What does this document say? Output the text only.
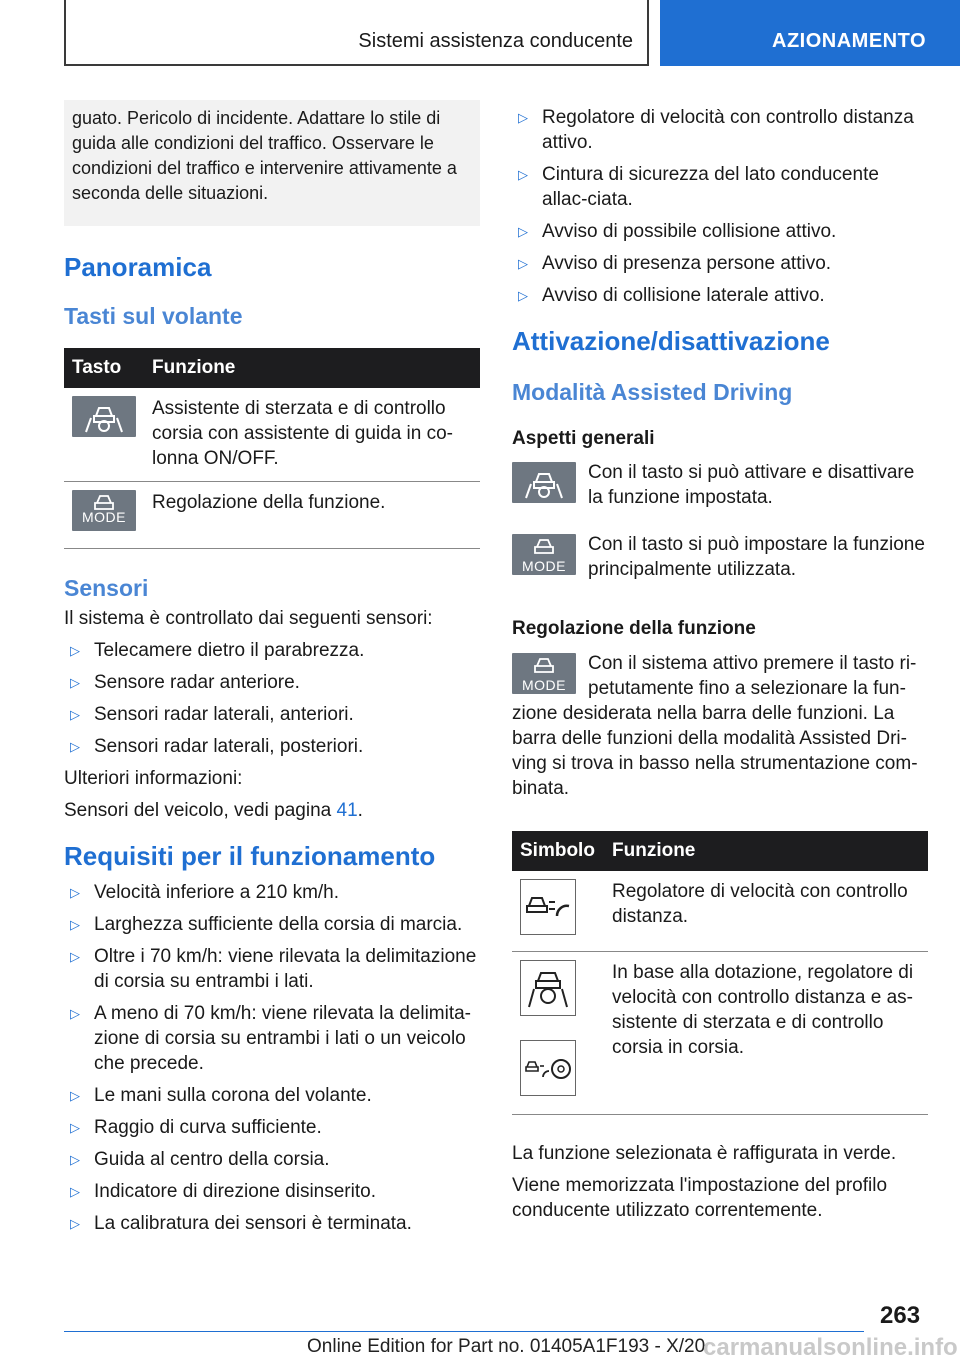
Sistemi assistenza conducente	AZIONAMENTO
guato. Pericolo di incidente. Adattare lo stile di guida alle condizioni del traffico. Osservare le condizioni del traffico e intervenire attivamente a seconda delle situazioni.
Panoramica
Tasti sul volante
Tasto	Funzione

	Assistente di sterzata e di controllo corsia con assistente di guida in co-lonna ON/OFF.

MODE	Regolazione della funzione.
Sensori
Il sistema è controllato dai seguenti sensori:
▷ Telecamere dietro il parabrezza.
▷ Sensore radar anteriore.
▷ Sensori radar laterali, anteriori.
▷ Sensori radar laterali, posteriori.
Ulteriori informazioni:
Sensori del veicolo, vedi pagina 41.
Requisiti per il funzionamento
▷ Velocità inferiore a 210 km/h.
▷ Larghezza sufficiente della corsia di marcia.
▷ Oltre i 70 km/h: viene rilevata la delimitazione di corsia su entrambi i lati.
▷ A meno di 70 km/h: viene rilevata la delimita-zione di corsia su entrambi i lati o un veicolo che precede.
▷ Le mani sulla corona del volante.
▷ Raggio di curva sufficiente.
▷ Guida al centro della corsia.
▷ Indicatore di direzione disinserito.
▷ La calibratura dei sensori è terminata.
▷ Regolatore di velocità con controllo distanza attivo.
▷ Cintura di sicurezza del lato conducente allac-ciata.
▷ Avviso di possibile collisione attivo.
▷ Avviso di presenza persone attivo.
▷ Avviso di collisione laterale attivo.
Attivazione/disattivazione
Modalità Assisted Driving
Aspetti generali
Con il tasto si può attivare e disattivare la funzione impostata.
MODE
Con il tasto si può impostare la funzione principalmente utilizzata.
Regolazione della funzione
MODE
Con il sistema attivo premere il tasto ri-petutamente fino a selezionare la fun-
zione desiderata nella barra delle funzioni. La barra delle funzioni della modalità Assisted Dri-ving si trova in basso nella strumentazione com-binata.
Simbolo	Funzione
	Regolatore di velocità con controllo distanza.
	In base alla dotazione, regolatore di velocità con controllo distanza e as-sistente di sterzata e di controllo corsia in corsia.
La funzione selezionata è raffigurata in verde.
Viene memorizzata l'impostazione del profilo conducente utilizzato correntemente.
263
Online Edition for Part no. 01405A1F193 - X/20
carmanualsonline.info
